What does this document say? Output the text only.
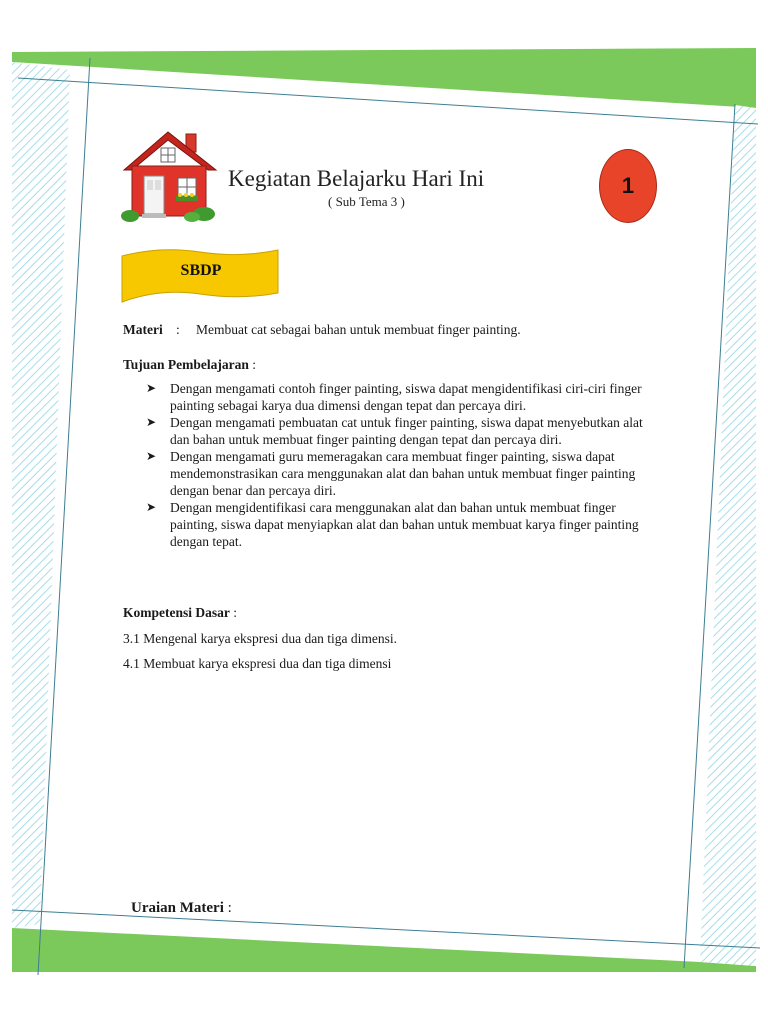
Kegiatan Belajarku Hari Ini
( Sub Tema 3 )
1
SBDP
Materi : Membuat cat sebagai bahan untuk membuat finger painting.
Tujuan Pembelajaran :
➤ Dengan mengamati contoh finger painting, siswa dapat mengidentifikasi ciri-ciri finger painting sebagai karya dua dimensi dengan tepat dan percaya diri.
➤ Dengan mengamati pembuatan cat untuk finger painting, siswa dapat menyebutkan alat dan bahan untuk membuat finger painting dengan tepat dan percaya diri.
➤ Dengan mengamati guru memeragakan cara membuat finger painting, siswa dapat mendemonstrasikan cara menggunakan alat dan bahan untuk membuat finger painting dengan benar dan percaya diri.
➤ Dengan mengidentifikasi cara menggunakan alat dan bahan untuk membuat finger painting, siswa dapat menyiapkan alat dan bahan untuk membuat karya finger painting dengan tepat.
Kompetensi Dasar :
3.1 Mengenal karya ekspresi dua dan tiga dimensi.
4.1 Membuat karya ekspresi dua dan tiga dimensi
Uraian Materi :
